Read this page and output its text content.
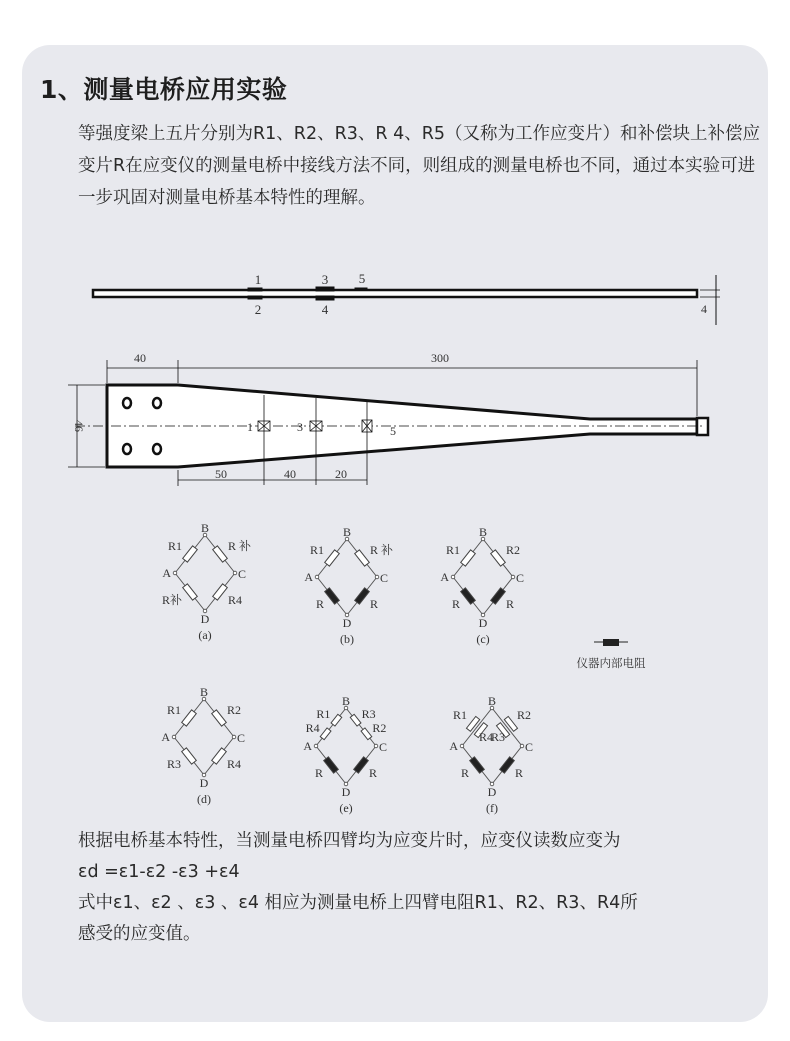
1、测量电桥应用实验
等强度梁上五片分别为R1、R2、R3、R 4、R5（又称为工作应变片）和补偿块上补偿应变片R在应变仪的测量电桥中接线方法不同，则组成的测量电桥也不同，通过本实验可进一步巩固对测量电桥基本特性的理解。
1
2
3
4
5
4
40	300
46
50	40	20
1	3	5
R1	R 补
R补	R4
A
B
C
D
(a)
R1	R 补
R	R
A
B
C
D
(b)
R1	R2
R	R
A
B
C
D
(c)
R1	R2
R3	R4
A
B
C
D
(d)
R1
R4	R2
R3
R	R
A
B
C
D
(e)
R1
R4
R2
R3
R	R
A
B
C
D
(f)
仪器内部电阻
根据电桥基本特性，当测量电桥四臂均为应变片时，应变仪读数应变为
εd =ε1-ε2 -ε3 +ε4
式中ε1、ε2 、ε3 、ε4 相应为测量电桥上四臂电阻R1、R2、R3、R4所
感受的应变值。
